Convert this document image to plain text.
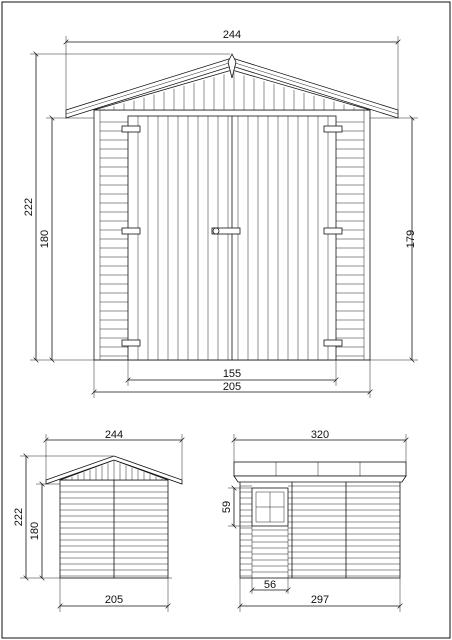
244
222
180	179
155
205
244
222
180
205
320
59
56
297
